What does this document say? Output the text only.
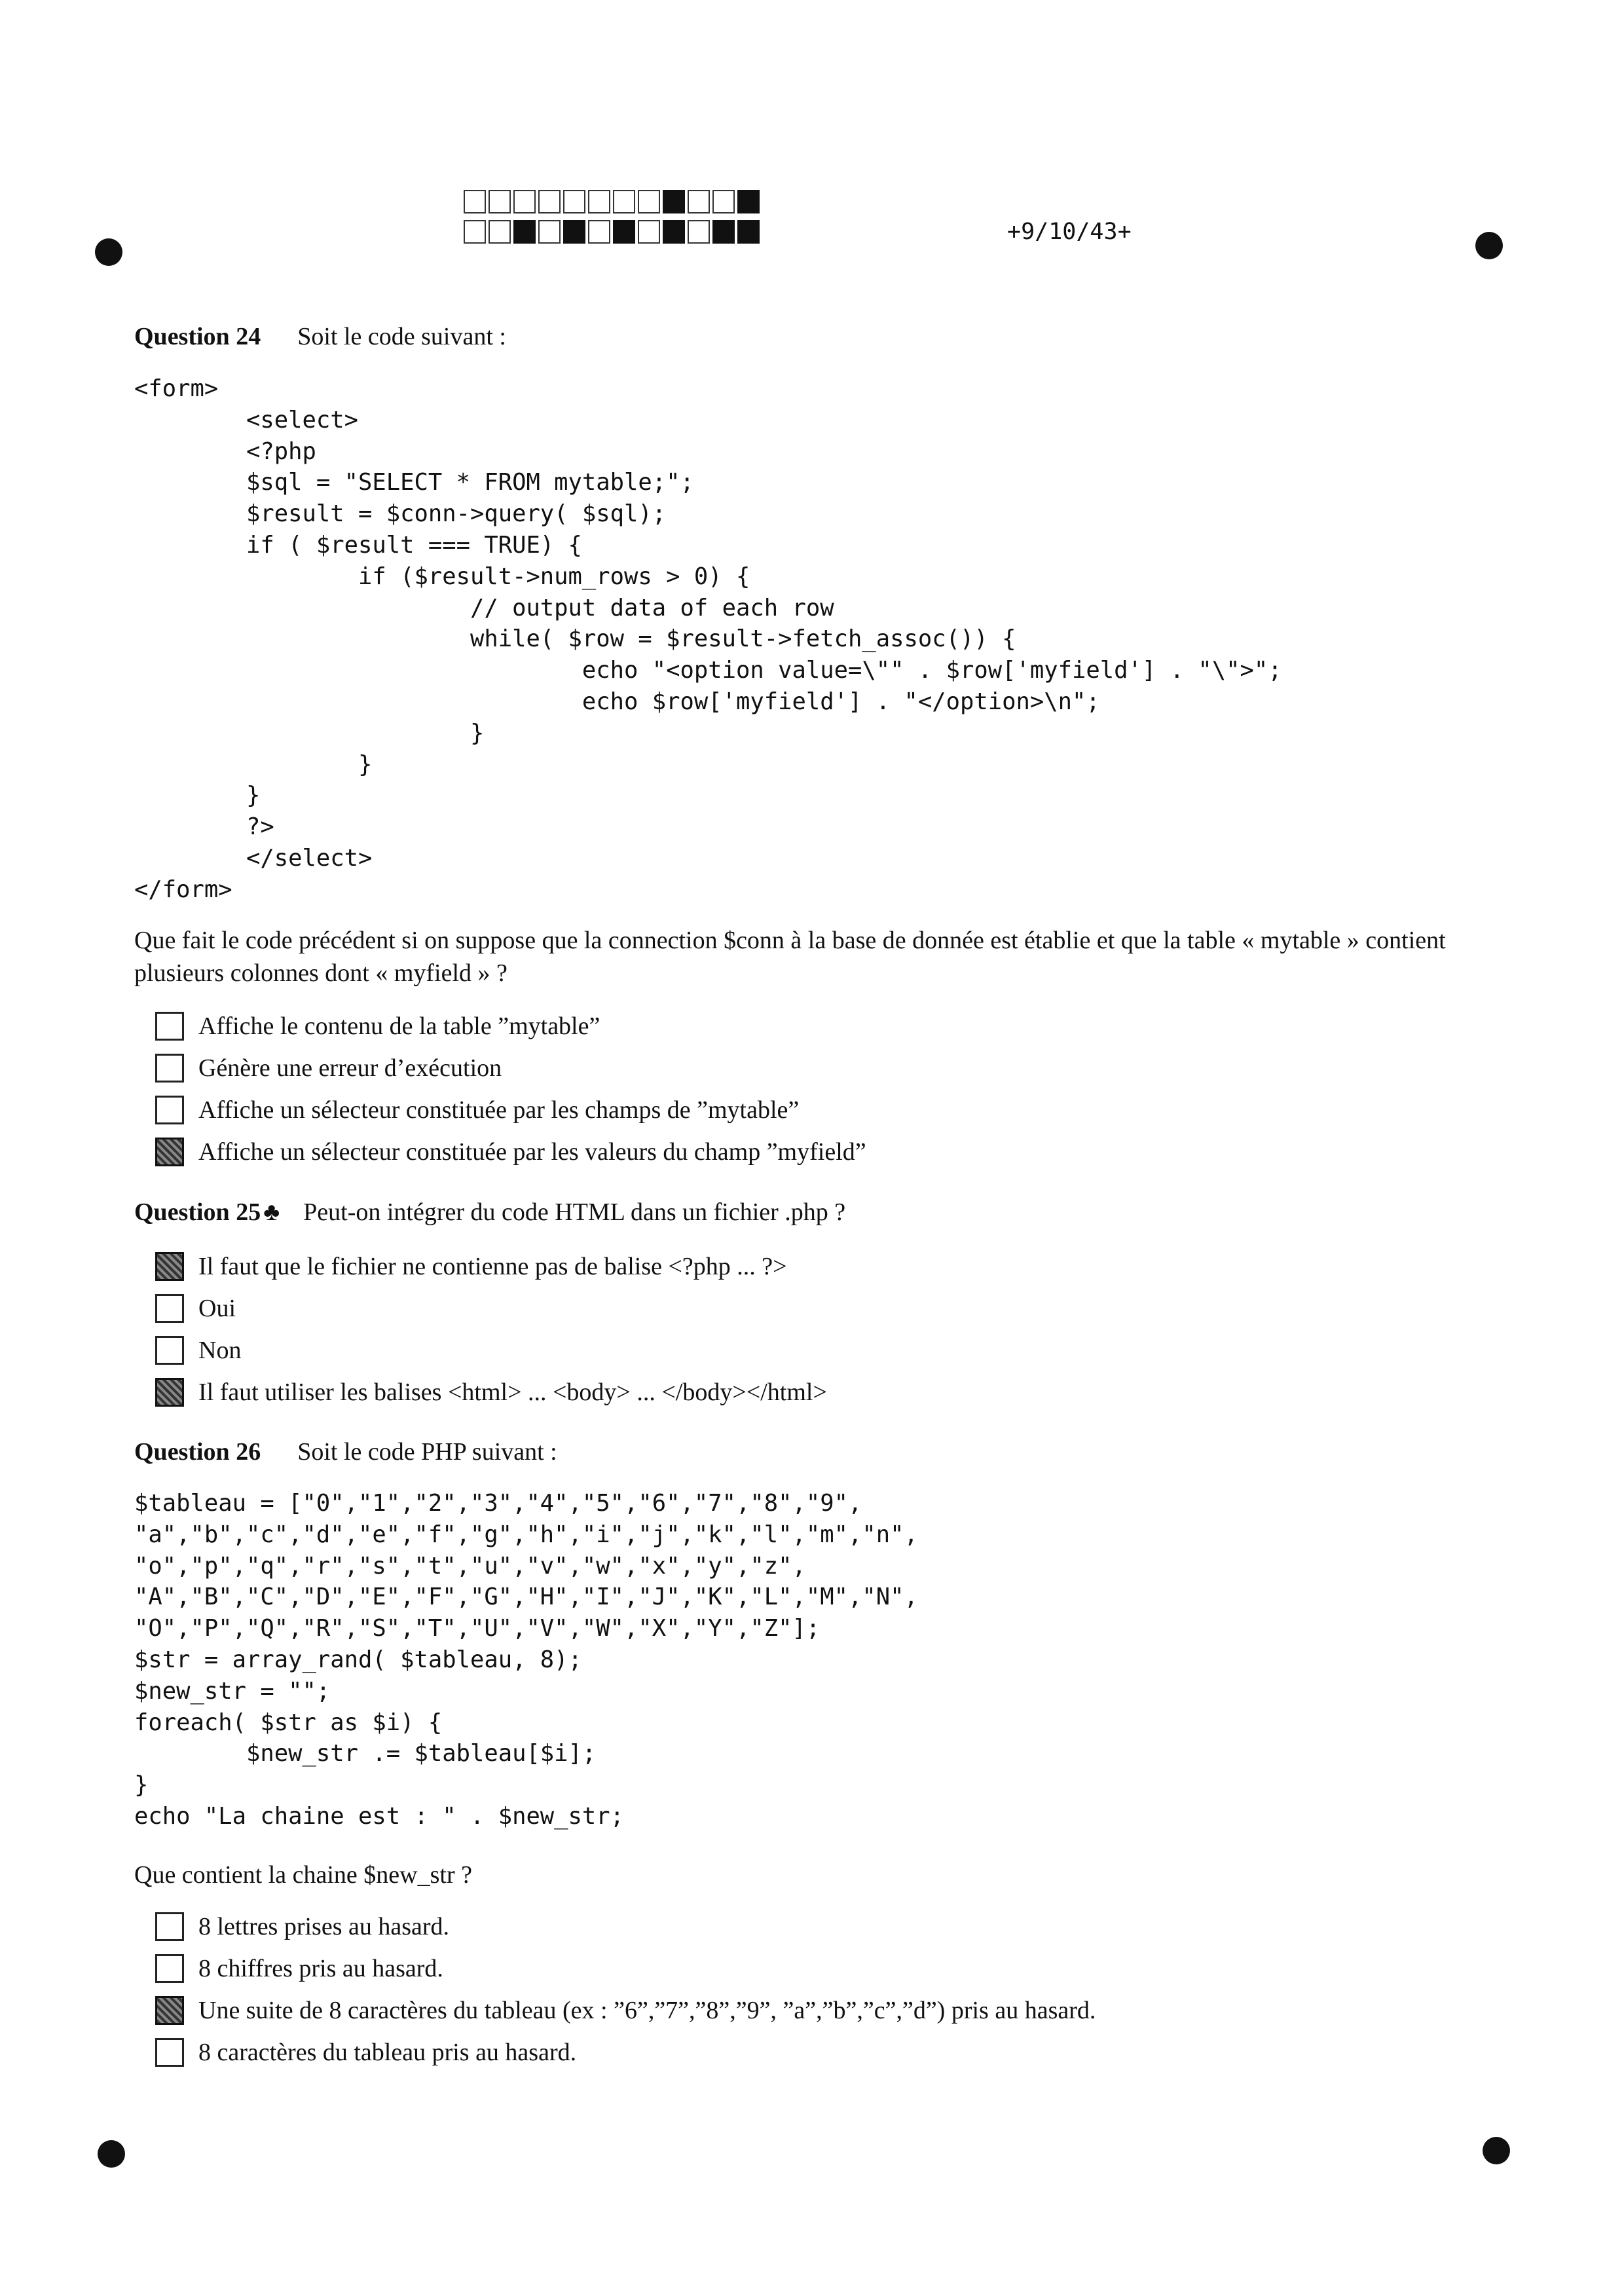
+9/10/43+
Question 24 Soit le code suivant :
<form>
<select>
<?php
$sql = "SELECT * FROM mytable;";
$result = $conn->query( $sql);
if ( $result === TRUE) {
if ($result->num_rows > 0) {
// output data of each row
while( $row = $result->fetch_assoc()) {
echo "<option value=\"" . $row['myfield'] . "\">";
echo $row['myfield'] . "</option>\n";
}
}
}
?>
</select>
</form>

Que fait le code précédent si on suppose que la connection $conn à la base de donnée est établie et que la table « mytable » contient plusieurs colonnes dont « myfield » ?

Affiche le contenu de la table ”mytable”
Génère une erreur d’exécution
Affiche un sélecteur constituée par les champs de ”mytable”
Affiche un sélecteur constituée par les valeurs du champ ”myfield”
Question 25 ♣ Peut-on intégrer du code HTML dans un fichier .php ?
Il faut que le fichier ne contienne pas de balise <?php ... ?>
Oui
Non
Il faut utiliser les balises <html> ... <body> ... </body></html>
Question 26 Soit le code PHP suivant :
$tableau = ["0","1","2","3","4","5","6","7","8","9",
"a","b","c","d","e","f","g","h","i","j","k","l","m","n",
"o","p","q","r","s","t","u","v","w","x","y","z",
"A","B","C","D","E","F","G","H","I","J","K","L","M","N",
"O","P","Q","R","S","T","U","V","W","X","Y","Z"];
$str = array_rand( $tableau, 8);
$new_str = "";
foreach( $str as $i) {
$new_str .= $tableau[$i];
}
echo "La chaine est : " . $new_str;

Que contient la chaine $new_str ?

8 lettres prises au hasard.
8 chiffres pris au hasard.
Une suite de 8 caractères du tableau (ex : ”6”,”7”,”8”,”9”, ”a”,”b”,”c”,”d”) pris au hasard.
8 caractères du tableau pris au hasard.
